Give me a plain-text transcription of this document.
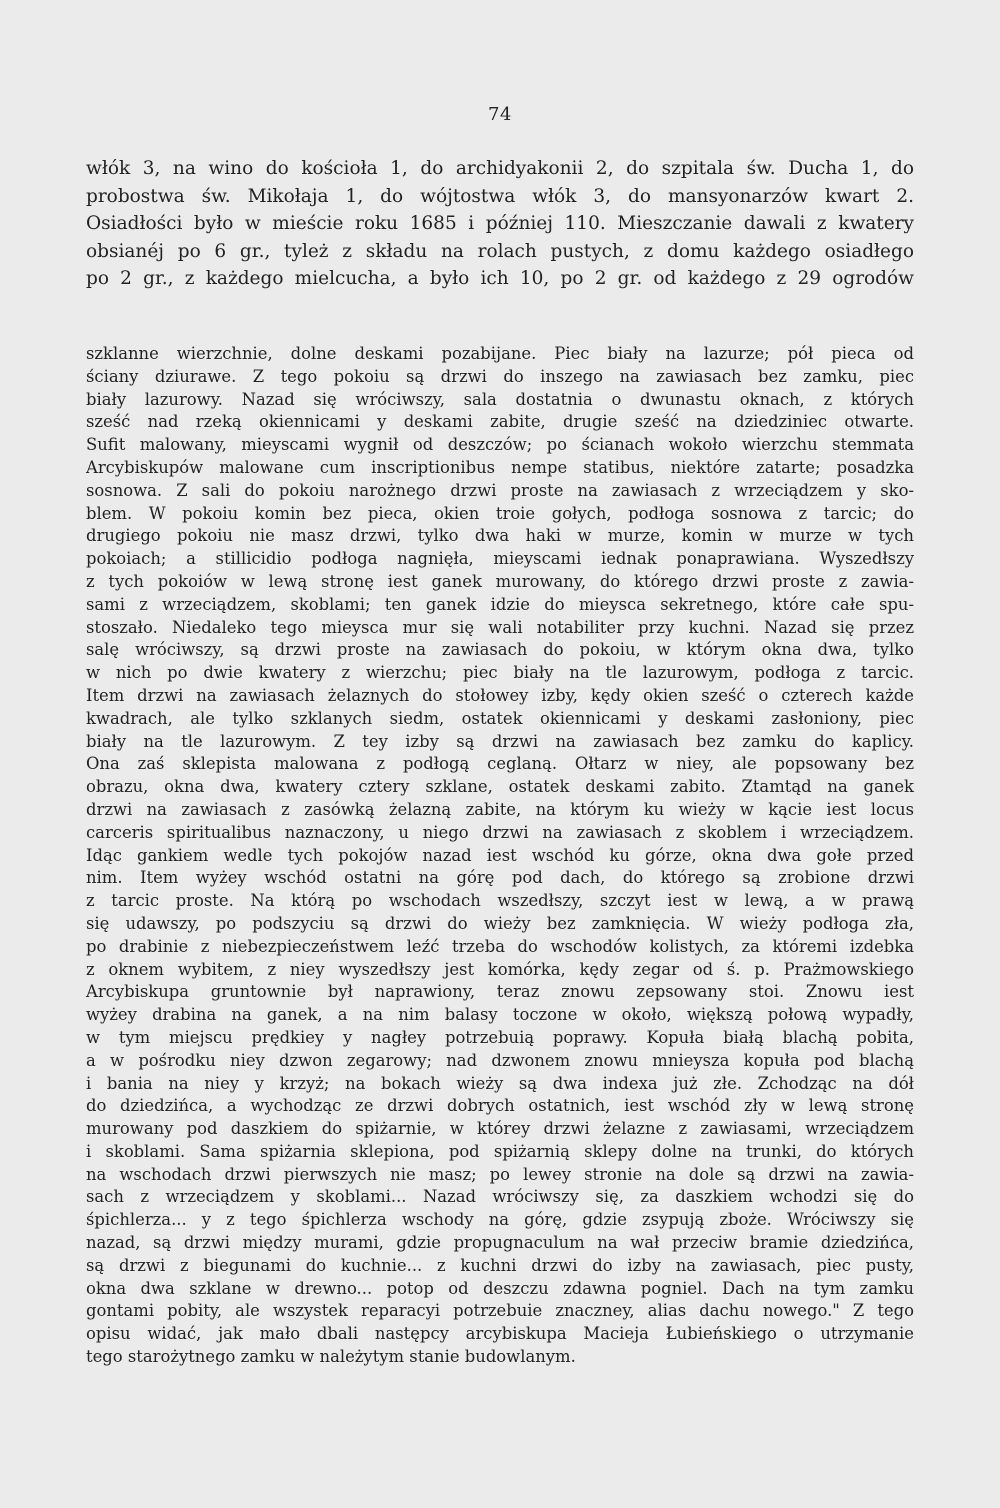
74
włók 3, na wino do kościoła 1, do archidyakonii 2, do szpitala św. Ducha 1, do
probostwa św. Mikołaja 1, do wójtostwa włók 3, do mansyonarzów kwart 2.
Osiadłości było w mieście roku 1685 i później 110. Mieszczanie dawali z kwatery
obsianéj po 6 gr., tyleż z składu na rolach pustych, z domu każdego osiadłego
po 2 gr., z każdego mielcucha, a było ich 10, po 2 gr. od każdego z 29 ogrodów
szklanne wierzchnie, dolne deskami pozabijane. Piec biały na lazurze; pół pieca od
ściany dziurawe. Z tego pokoiu są drzwi do inszego na zawiasach bez zamku, piec
biały lazurowy. Nazad się wróciwszy, sala dostatnia o dwunastu oknach, z których
sześć nad rzeką okiennicami y deskami zabite, drugie sześć na dziedziniec otwarte.
Sufit malowany, mieyscami wygnił od deszczów; po ścianach wokoło wierzchu stemmata
Arcybiskupów malowane cum inscriptionibus nempe statibus, niektóre zatarte; posadzka
sosnowa. Z sali do pokoiu narożnego drzwi proste na zawiasach z wrzeciądzem y sko-
blem. W pokoiu komin bez pieca, okien troie gołych, podłoga sosnowa z tarcic; do
drugiego pokoiu nie masz drzwi, tylko dwa haki w murze, komin w murze w tych
pokoiach; a stillicidio podłoga nagnięła, mieyscami iednak ponaprawiana. Wyszedłszy
z tych pokoiów w lewą stronę iest ganek murowany, do którego drzwi proste z zawia-
sami z wrzeciądzem, skoblami; ten ganek idzie do mieysca sekretnego, które całe spu-
stoszało. Niedaleko tego mieysca mur się wali notabiliter przy kuchni. Nazad się przez
salę wróciwszy, są drzwi proste na zawiasach do pokoiu, w którym okna dwa, tylko
w nich po dwie kwatery z wierzchu; piec biały na tle lazurowym, podłoga z tarcic.
Item drzwi na zawiasach żelaznych do stołowey izby, kędy okien sześć o czterech każde
kwadrach, ale tylko szklanych siedm, ostatek okiennicami y deskami zasłoniony, piec
biały na tle lazurowym. Z tey izby są drzwi na zawiasach bez zamku do kaplicy.
Ona zaś sklepista malowana z podłogą ceglaną. Ołtarz w niey, ale popsowany bez
obrazu, okna dwa, kwatery cztery szklane, ostatek deskami zabito. Ztamtąd na ganek
drzwi na zawiasach z zasówką żelazną zabite, na którym ku wieży w kącie iest locus
carceris spiritualibus naznaczony, u niego drzwi na zawiasach z skoblem i wrzeciądzem.
Idąc gankiem wedle tych pokojów nazad iest wschód ku górze, okna dwa gołe przed
nim. Item wyżey wschód ostatni na górę pod dach, do którego są zrobione drzwi
z tarcic proste. Na którą po wschodach wszedłszy, szczyt iest w lewą, a w prawą
się udawszy, po podszyciu są drzwi do wieży bez zamknięcia. W wieży podłoga zła,
po drabinie z niebezpieczeństwem leźć trzeba do wschodów kolistych, za któremi izdebka
z oknem wybitem, z niey wyszedłszy jest komórka, kędy zegar od ś. p. Prażmowskiego
Arcybiskupa gruntownie był naprawiony, teraz znowu zepsowany stoi. Znowu iest
wyżey drabina na ganek, a na nim balasy toczone w około, większą połową wypadły,
w tym miejscu prędkiey y nagłey potrzebuią poprawy. Kopuła białą blachą pobita,
a w pośrodku niey dzwon zegarowy; nad dzwonem znowu mnieysza kopuła pod blachą
i bania na niey y krzyż; na bokach wieży są dwa indexa już złe. Zchodząc na dół
do dziedzińca, a wychodząc ze drzwi dobrych ostatnich, iest wschód zły w lewą stronę
murowany pod daszkiem do spiżarnie, w którey drzwi żelazne z zawiasami, wrzeciądzem
i skoblami. Sama spiżarnia sklepiona, pod spiżarnią sklepy dolne na trunki, do których
na wschodach drzwi pierwszych nie masz; po lewey stronie na dole są drzwi na zawia-
sach z wrzeciądzem y skoblami... Nazad wróciwszy się, za daszkiem wchodzi się do
śpichlerza... y z tego śpichlerza wschody na górę, gdzie zsypują zboże. Wróciwszy się
nazad, są drzwi między murami, gdzie propugnaculum na wał przeciw bramie dziedzińca,
są drzwi z biegunami do kuchnie... z kuchni drzwi do izby na zawiasach, piec pusty,
okna dwa szklane w drewno... potop od deszczu zdawna pogniel. Dach na tym zamku
gontami pobity, ale wszystek reparacyi potrzebuie znaczney, alias dachu nowego." Z tego
opisu widać, jak mało dbali następcy arcybiskupa Macieja Łubieńskiego o utrzymanie
tego starożytnego zamku w należytym stanie budowlanym.
